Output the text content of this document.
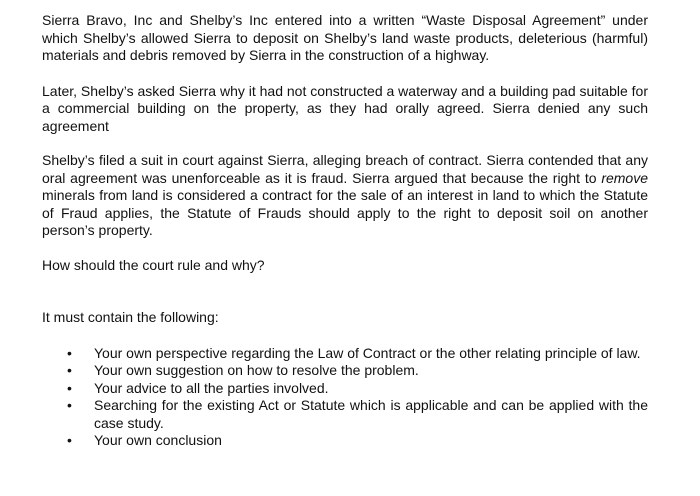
Sierra Bravo, Inc and Shelby’s Inc entered into a written “Waste Disposal Agreement” under which Shelby’s allowed Sierra to deposit on Shelby’s land waste products, deleterious (harmful) materials and debris removed by Sierra in the construction of a highway.

Later, Shelby’s asked Sierra why it had not constructed a waterway and a building pad suitable for a commercial building on the property, as they had orally agreed. Sierra denied any such agreement

Shelby’s filed a suit in court against Sierra, alleging breach of contract. Sierra contended that any oral agreement was unenforceable as it is fraud. Sierra argued that because the right to remove minerals from land is considered a contract for the sale of an interest in land to which the Statute of Fraud applies, the Statute of Frauds should apply to the right to deposit soil on another person’s property.

How should the court rule and why?

It must contain the following:

• Your own perspective regarding the Law of Contract or the other relating principle of law.
• Your own suggestion on how to resolve the problem.
• Your advice to all the parties involved.
• Searching for the existing Act or Statute which is applicable and can be applied with the case study.
• Your own conclusion
